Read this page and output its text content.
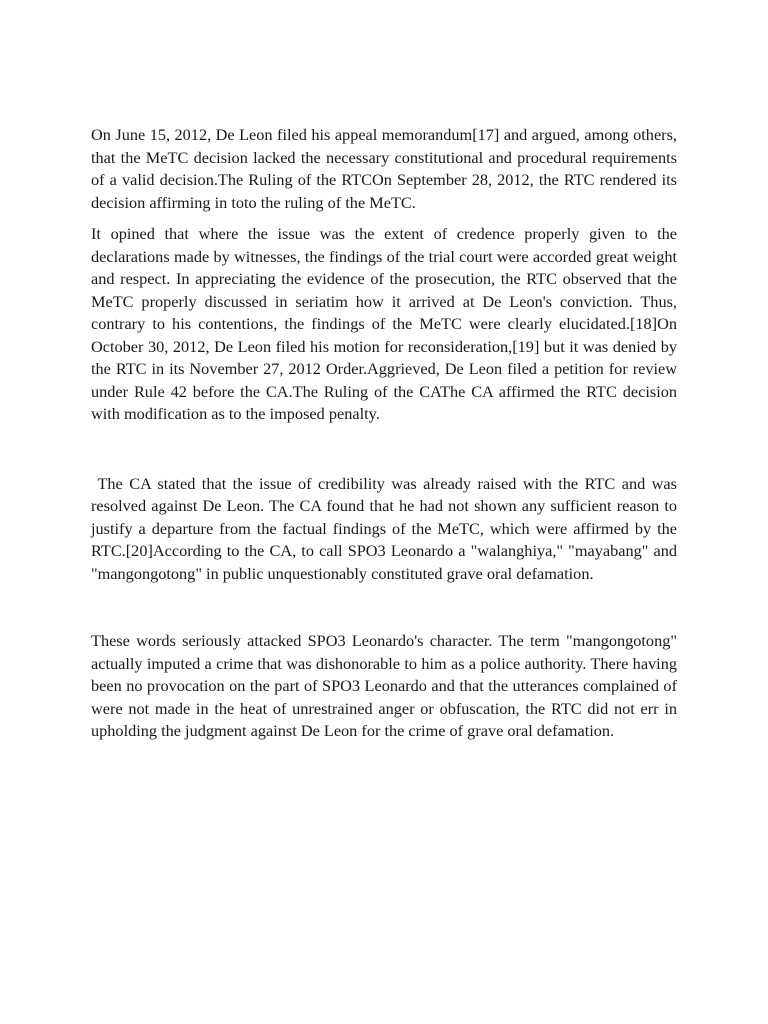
On June 15, 2012, De Leon filed his appeal memorandum[17] and argued, among others, that the MeTC decision lacked the necessary constitutional and procedural requirements of a valid decision.The Ruling of the RTCOn September 28, 2012, the RTC rendered its decision affirming in toto the ruling of the MeTC.

It opined that where the issue was the extent of credence properly given to the declarations made by witnesses, the findings of the trial court were accorded great weight and respect. In appreciating the evidence of the prosecution, the RTC observed that the MeTC properly discussed in seriatim how it arrived at De Leon's conviction. Thus, contrary to his contentions, the findings of the MeTC were clearly elucidated.[18]On October 30, 2012, De Leon filed his motion for reconsideration,[19] but it was denied by the RTC in its November 27, 2012 Order.Aggrieved, De Leon filed a petition for review under Rule 42 before the CA.The Ruling of the CAThe CA affirmed the RTC decision with modification as to the imposed penalty.

The CA stated that the issue of credibility was already raised with the RTC and was resolved against De Leon. The CA found that he had not shown any sufficient reason to justify a departure from the factual findings of the MeTC, which were affirmed by the RTC.[20]According to the CA, to call SPO3 Leonardo a "walanghiya," "mayabang" and "mangongotong" in public unquestionably constituted grave oral defamation.

These words seriously attacked SPO3 Leonardo's character. The term "mangongotong" actually imputed a crime that was dishonorable to him as a police authority. There having been no provocation on the part of SPO3 Leonardo and that the utterances complained of were not made in the heat of unrestrained anger or obfuscation, the RTC did not err in upholding the judgment against De Leon for the crime of grave oral defamation.
